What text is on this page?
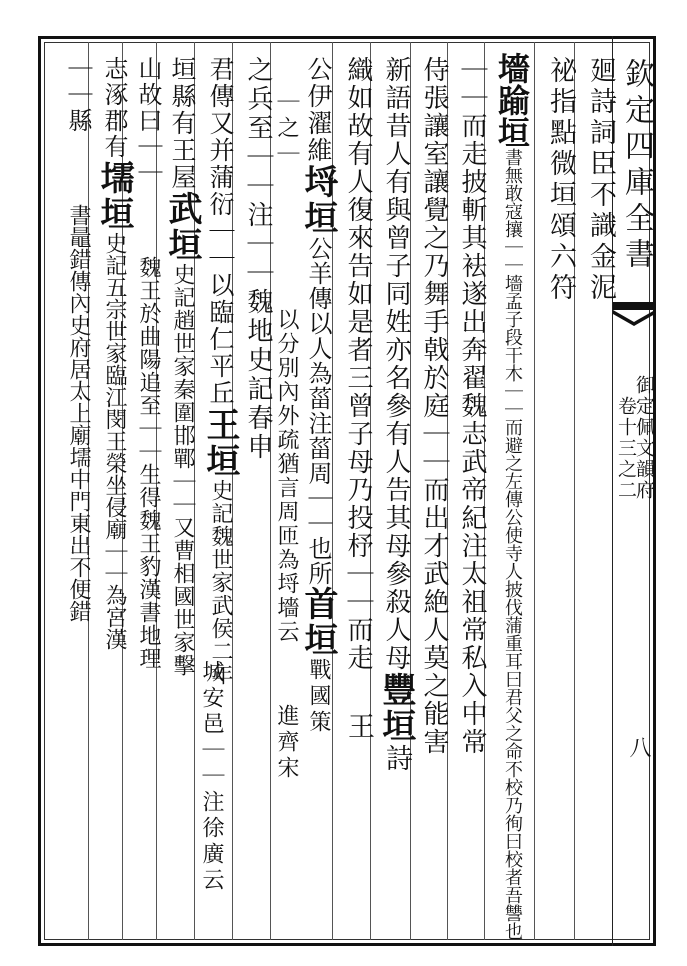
欽定四庫全書
御定佩文韻府
卷十三之二
八
廻詩詞臣不識金泥
祕指點微垣頌六符
墻踰垣書無敢寇攘｜｜墻孟子段干木｜｜而避之左傳公使寺人披伐蒲重耳曰君父之命不校乃徇曰校者吾讐也
｜｜而走披斬其袪遂出奔翟魏志武帝紀注太祖常私入中常
侍張讓室讓覺之乃舞手戟於庭｜｜而出才武絶人莫之能害
新語昔人有與曾子同姓亦名參有人告其母參殺人母豐垣詩
織如故有人復來告如是者三曾子母乃投杼｜｜而走王
公伊濯維埒垣公羊傳以人為菑注菑周｜｜也所首垣戰國策
｜之｜以分別內外疏猶言周匝為埒墻云進齊宋
之兵至｜｜注｜｜魏地史記春申
君傳又并蒲衍｜｜以臨仁平丘王垣史記魏世家武侯二年
城安邑｜｜注徐廣云
垣縣有王屋武垣史記趙世家秦圍邯鄲｜｜又曹相國世家擊
山故曰｜｜魏王於曲陽追至｜｜生得魏王豹漢書地理
志涿郡有壖垣史記五宗世家臨江閔王榮坐侵廟｜｜為宮漢
｜｜縣書鼂錯傳內史府居太上廟壖中門東出不便錯
